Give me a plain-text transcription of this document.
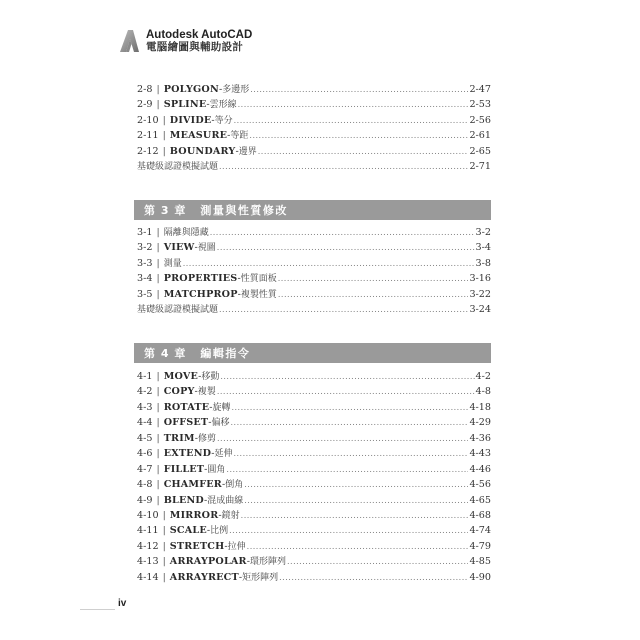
Autodesk AutoCAD
電腦繪圖與輔助設計
2-8 | POLYGON - 多邊形 .....	2-47
2-9 | SPLINE - 雲形線 .....	2-53
2-10 | DIVIDE - 等分 .....	2-56
2-11 | MEASURE - 等距 .....	2-61
2-12 | BOUNDARY - 邊界 .....	2-65
基礎級認證模擬試題 .....	2-71
第 3 章 測量與性質修改
3-1 | 隔離與隱藏 .....	3-2
3-2 | VIEW - 視圖 .....	3-4
3-3 | 測量 .....	3-8
3-4 | PROPERTIES - 性質面板 .....	3-16
3-5 | MATCHPROP - 複製性質 .....	3-22
基礎級認證模擬試題 .....	3-24
第 4 章 編輯指令
4-1 | MOVE - 移動 .....	4-2
4-2 | COPY - 複製 .....	4-8
4-3 | ROTATE - 旋轉 .....	4-18
4-4 | OFFSET - 偏移 .....	4-29
4-5 | TRIM - 修剪 .....	4-36
4-6 | EXTEND - 延伸 .....	4-43
4-7 | FILLET - 圓角 .....	4-46
4-8 | CHAMFER - 倒角 .....	4-56
4-9 | BLEND - 混成曲線 .....	4-65
4-10 | MIRROR - 鏡射 .....	4-68
4-11 | SCALE - 比例 .....	4-74
4-12 | STRETCH - 拉伸 .....	4-79
4-13 | ARRAYPOLAR - 環形陣列 .....	4-85
4-14 | ARRAYRECT - 矩形陣列 .....	4-90
iv
